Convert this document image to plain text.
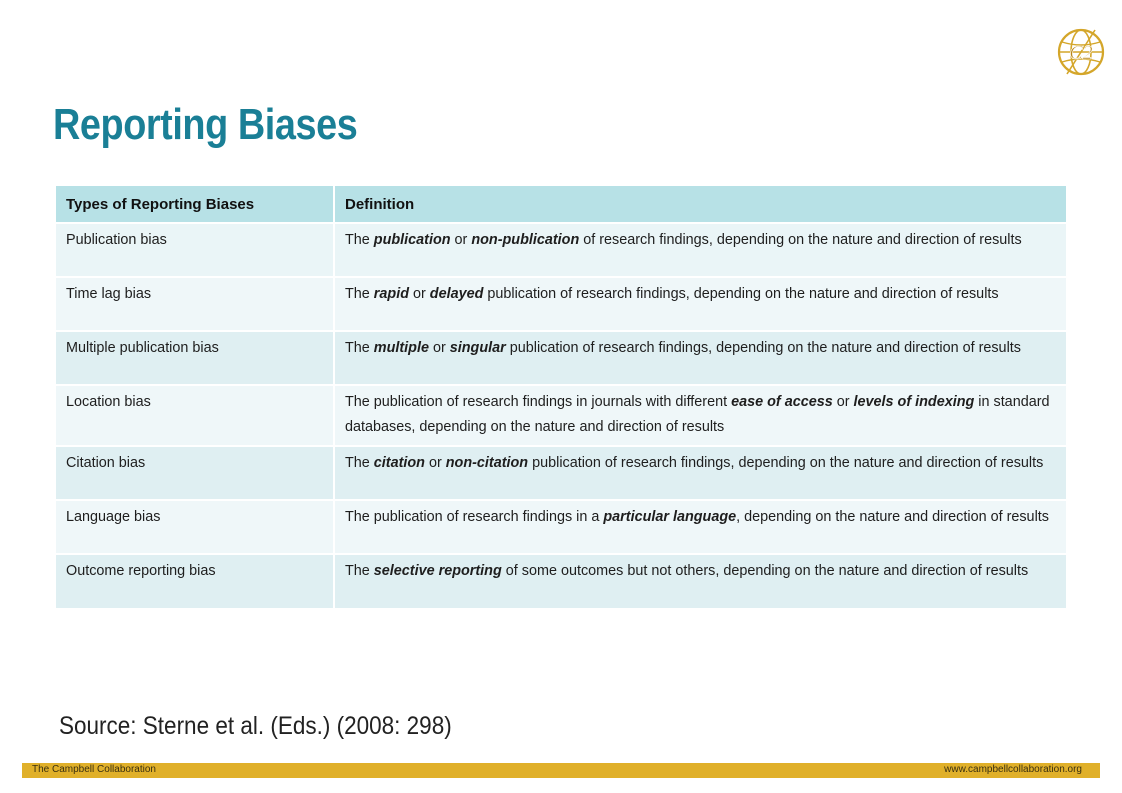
C2
Reporting Biases
Types of Reporting Biases	Definition
Publication bias	The publication or non-publication of research findings, depending on the nature and direction of results
Time lag bias	The rapid or delayed publication of research findings, depending on the nature and direction of results
Multiple publication bias	The multiple or singular publication of research findings, depending on the nature and direction of results
Location bias	The publication of research findings in journals with different ease of access or levels of indexing in standard databases, depending on the nature and direction of results
Citation bias	The citation or non-citation publication of research findings, depending on the nature and direction of results
Language bias	The publication of research findings in a particular language, depending on the nature and direction of results
Outcome reporting bias	The selective reporting of some outcomes but not others, depending on the nature and direction of results

Source: Sterne et al. (Eds.) (2008: 298)

The Campbell Collaboration	www.campbellcollaboration.org
